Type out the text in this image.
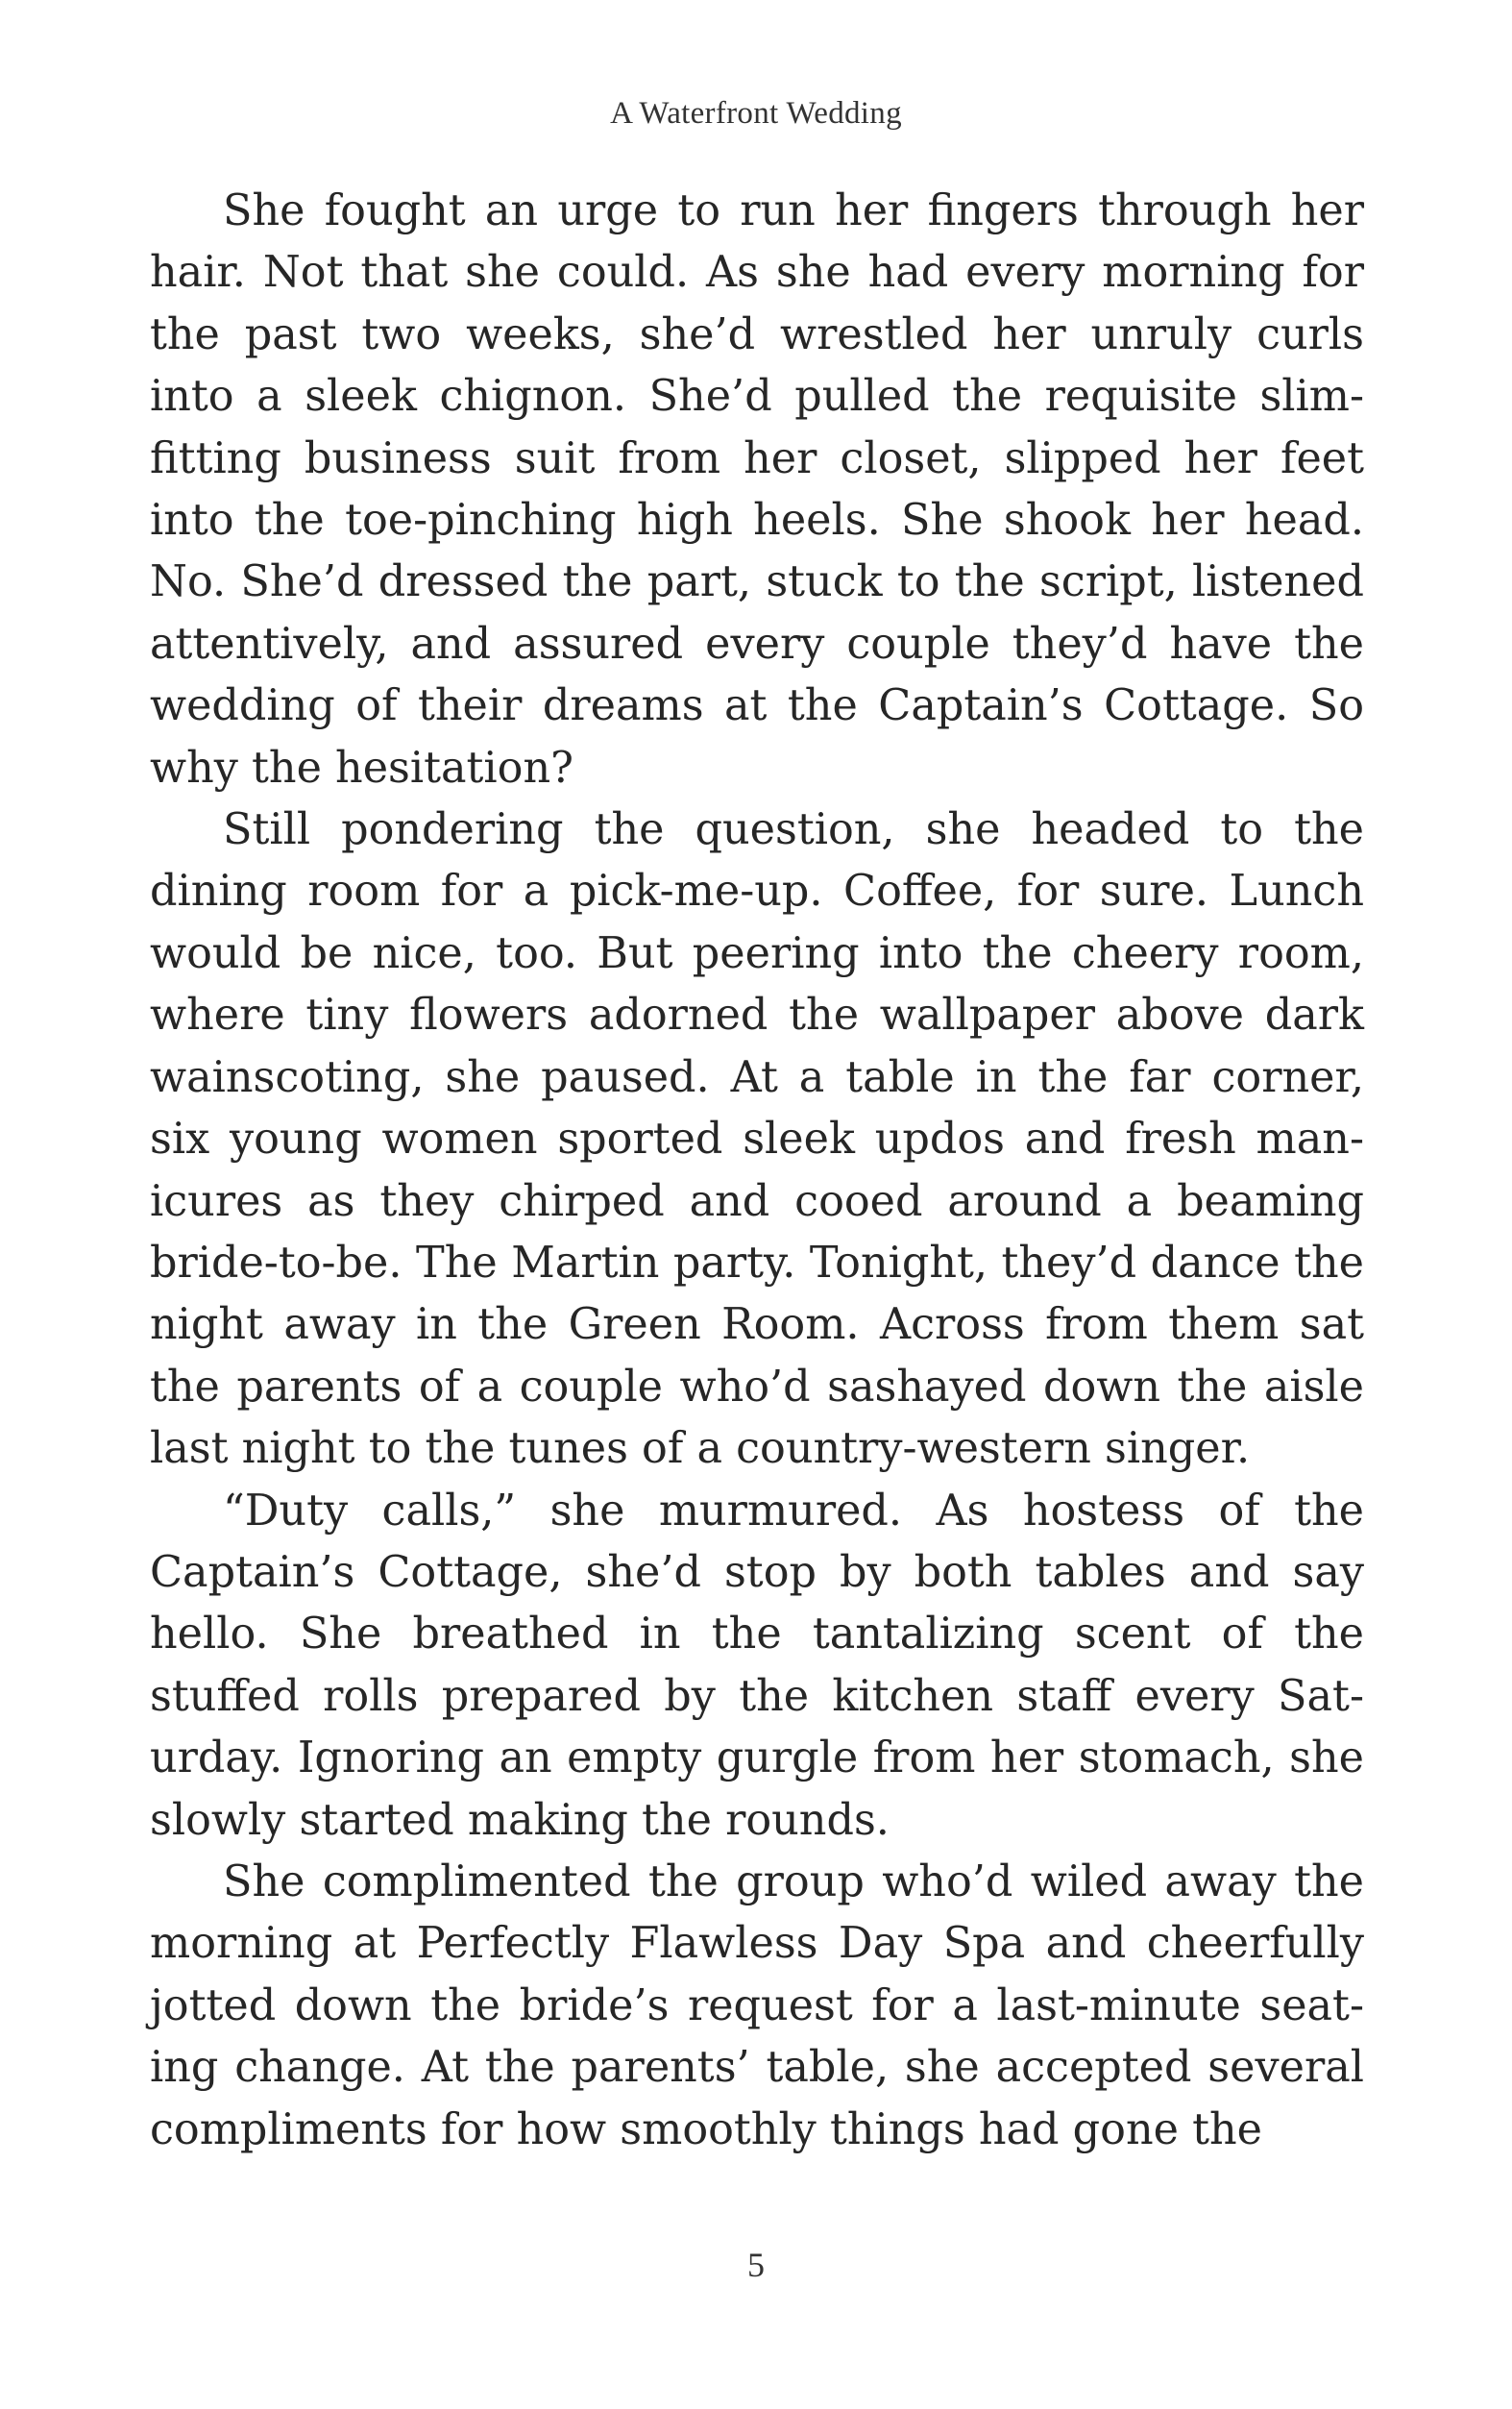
A Waterfront Wedding

She fought an urge to run her fingers through her hair. Not that she could. As she had every morning for the past two weeks, she’d wrestled her unruly curls into a sleek chignon. She’d pulled the requisite slim-fitting business suit from her closet, slipped her feet into the toe-pinching high heels. She shook her head. No. She’d dressed the part, stuck to the script, listened attentively, and assured every couple they’d have the wedding of their dreams at the Captain’s Cottage. So why the hesitation?

Still pondering the question, she headed to the dining room for a pick-me-up. Coffee, for sure. Lunch would be nice, too. But peering into the cheery room, where tiny flowers adorned the wallpaper above dark wainscoting, she paused. At a table in the far corner, six young women sported sleek updos and fresh manicures as they chirped and cooed around a beaming bride-to-be. The Martin party. Tonight, they’d dance the night away in the Green Room. Across from them sat the parents of a couple who’d sashayed down the aisle last night to the tunes of a country-western singer.

“Duty calls,” she murmured. As hostess of the Captain’s Cottage, she’d stop by both tables and say hello. She breathed in the tantalizing scent of the stuffed rolls prepared by the kitchen staff every Saturday. Ignoring an empty gurgle from her stomach, she slowly started making the rounds.

She complimented the group who’d wiled away the morning at Perfectly Flawless Day Spa and cheerfully jotted down the bride’s request for a last-minute seating change. At the parents’ table, she accepted several compliments for how smoothly things had gone the

5
